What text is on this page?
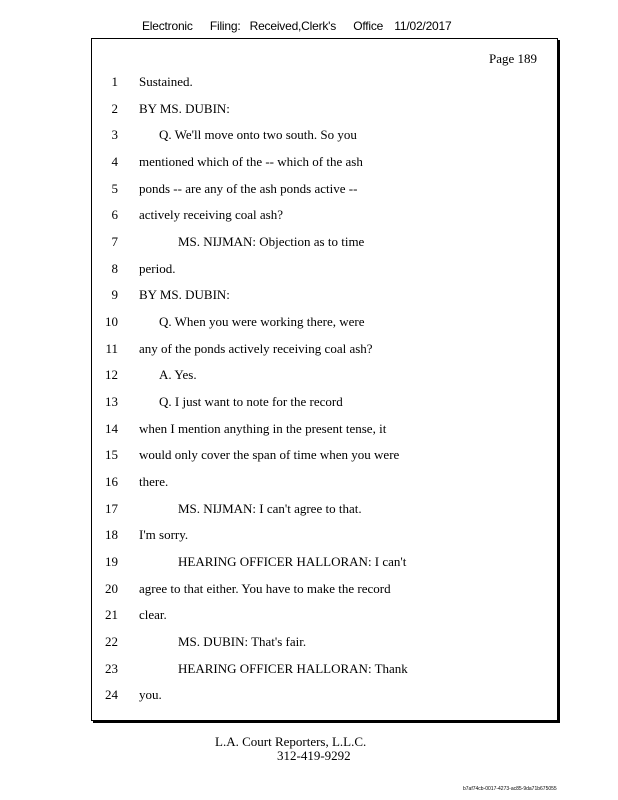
Electronic Filing: Received,Clerk's Office 11/02/2017
Page 189
1 Sustained.
2 BY MS. DUBIN:
3	Q. We'll move onto two south. So you
4 mentioned which of the -- which of the ash
5 ponds -- are any of the ash ponds active --
6 actively receiving coal ash?
7	MS. NIJMAN: Objection as to time
8 period.
9 BY MS. DUBIN:
10	Q. When you were working there, were
11 any of the ponds actively receiving coal ash?
12	A. Yes.
13	Q. I just want to note for the record
14 when I mention anything in the present tense, it
15 would only cover the span of time when you were
16 there.
17	MS. NIJMAN: I can't agree to that.
18 I'm sorry.
19	HEARING OFFICER HALLORAN: I can't
20 agree to that either. You have to make the record
21 clear.
22	MS. DUBIN: That's fair.
23	HEARING OFFICER HALLORAN: Thank
24 you.
L.A. Court Reporters, L.L.C.
312-419-9292
b7af74cb-0017-4273-ac85-9da71b675055
